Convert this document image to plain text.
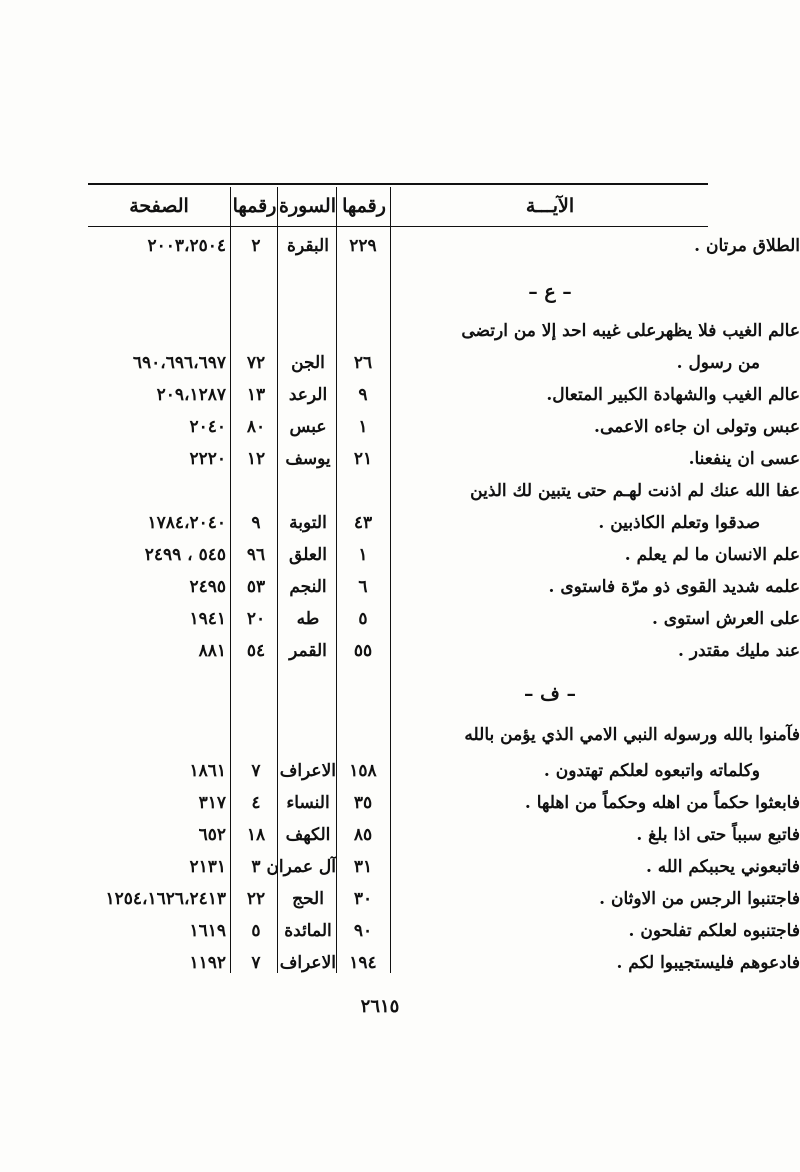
الآيـــة
رقمها
السورة
رقمها
الصفحة
الطلاق مرتان .
٢٢٩
البقرة
٢
٢٠٠٣،٢٥٠٤
– ع –
عالم الغيب فلا يظهرعلى غيبه احد إلا من ارتضى
من رسول .
٢٦
الجن
٧٢
٦٩٠،٦٩٦،٦٩٧
عالم الغيب والشهادة الكبير المتعال.
٩
الرعد
١٣
٢٠٩،١٢٨٧
عبس وتولى ان جاءه الاعمى.
١
عبس
٨٠
٢٠٤٠
عسى ان ينفعنا.
٢١
يوسف
١٢
٢٢٢٠
عفا الله عنك لم اذنت لهـم حتى يتبين لك الذين
صدقوا وتعلم الكاذبين .
٤٣
التوبة
٩
١٧٨٤،٢٠٤٠
علم الانسان ما لم يعلم .
١
العلق
٩٦
٥٤٥ ، ٢٤٩٩
علمه شديد القوى ذو مرّة فاستوى .
٦
النجم
٥٣
٢٤٩٥
على العرش استوى .
٥
طه
٢٠
١٩٤١
عند مليك مقتدر .
٥٥
القمر
٥٤
٨٨١
– ف –
فآمنوا بالله ورسوله النبي الامي الذي يؤمن بالله
وكلماته واتبعوه لعلكم تهتدون .
١٥٨
الاعراف
٧
١٨٦١
فابعثوا حكماً من اهله وحكماً من اهلها .
٣٥
النساء
٤
٣١٧
فاتبع سبباً حتى اذا بلغ .
٨٥
الكهف
١٨
٦٥٢
فاتبعوني يحببكم الله .
٣١
آل عمران
٣
٢١٣١
فاجتنبوا الرجس من الاوثان .
٣٠
الحج
٢٢
١٢٥٤،١٦٢٦،٢٤١٣
فاجتنبوه لعلكم تفلحون .
٩٠
المائدة
٥
١٦١٩
فادعوهم فليستجيبوا لكم .
١٩٤
الاعراف
٧
١١٩٢
٢٦١٥
